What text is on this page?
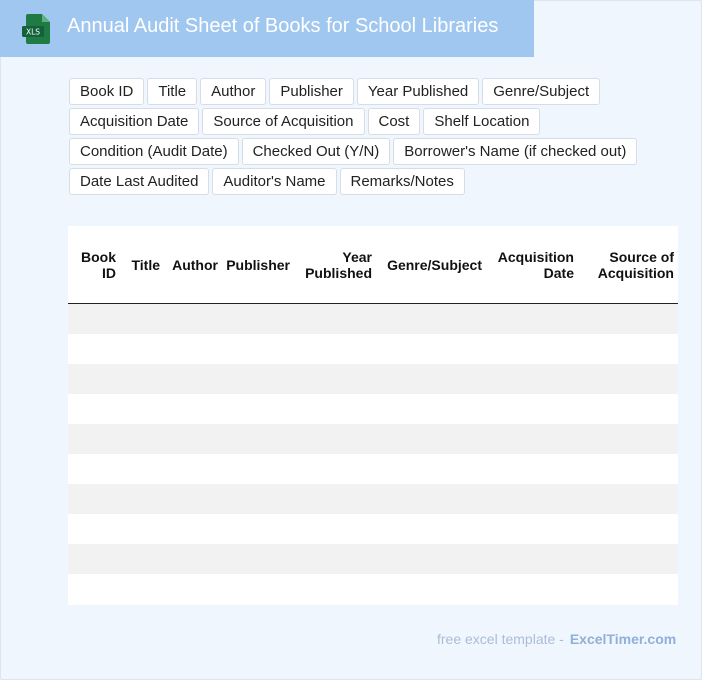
XLS Annual Audit Sheet of Books for School Libraries
Book ID	Title	Author	Publisher	Year Published	Genre/Subject
Acquisition Date	Source of Acquisition	Cost	Shelf Location
Condition (Audit Date)	Checked Out (Y/N)	Borrower's Name (if checked out)
Date Last Audited	Auditor's Name	Remarks/Notes
Book ID	Title	Author	Publisher	Year Published	Genre/Subject	Acquisition Date	Source of Acquisition

free excel template - ExcelTimer.com
